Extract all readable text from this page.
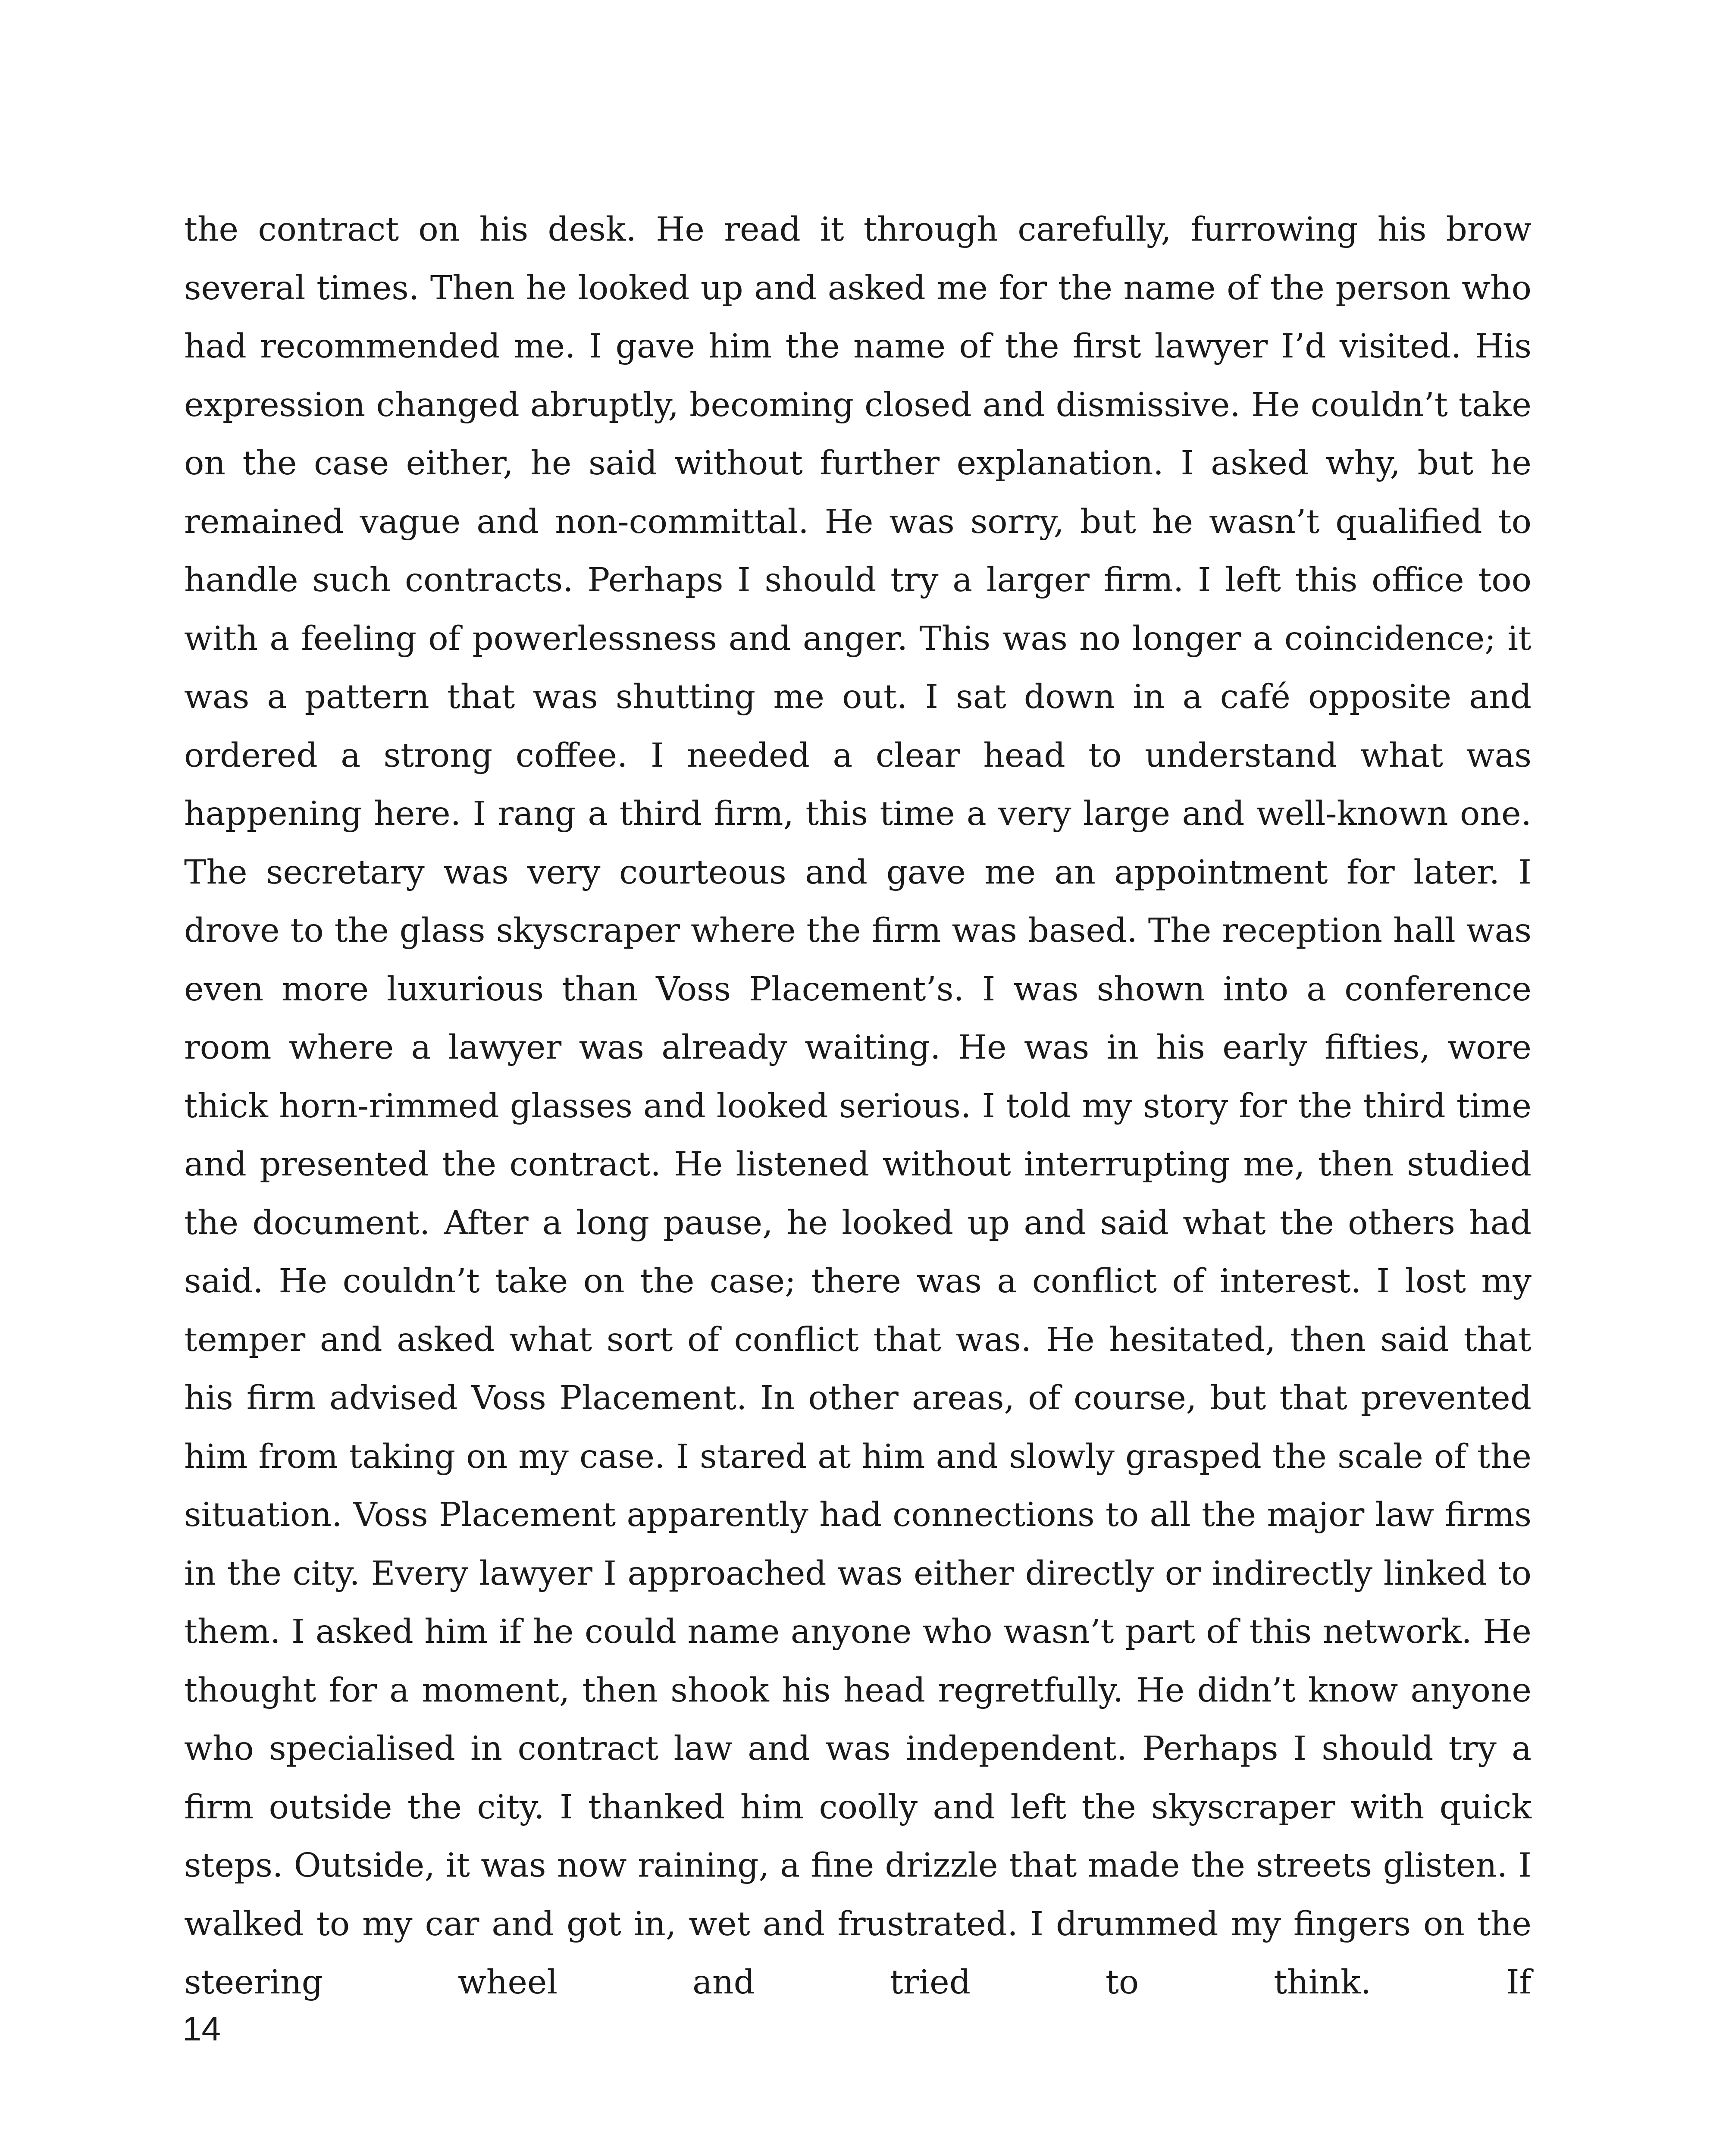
the contract on his desk. He read it through carefully, furrowing his brow several times. Then he looked up and asked me for the name of the person who had recommended me. I gave him the name of the first lawyer I’d visited. His expression changed abruptly, becoming closed and dismissive. He couldn’t take on the case either, he said without further explanation. I asked why, but he remained vague and non-committal. He was sorry, but he wasn’t qualified to handle such contracts. Perhaps I should try a larger firm. I left this office too with a feeling of powerlessness and anger. This was no longer a coincidence; it was a pattern that was shutting me out. I sat down in a café opposite and ordered a strong coffee. I needed a clear head to understand what was happening here. I rang a third firm, this time a very large and well-known one. The secretary was very courteous and gave me an appointment for later. I drove to the glass skyscraper where the firm was based. The reception hall was even more luxurious than Voss Placement’s. I was shown into a conference room where a lawyer was already waiting. He was in his early fifties, wore thick horn-rimmed glasses and looked serious. I told my story for the third time and presented the contract. He listened without interrupting me, then studied the document. After a long pause, he looked up and said what the others had said. He couldn’t take on the case; there was a conflict of interest. I lost my temper and asked what sort of conflict that was. He hesitated, then said that his firm advised Voss Placement. In other areas, of course, but that prevented him from taking on my case. I stared at him and slowly grasped the scale of the situation. Voss Placement apparently had connections to all the major law firms in the city. Every lawyer I approached was either directly or indirectly linked to them. I asked him if he could name anyone who wasn’t part of this network. He thought for a moment, then shook his head regretfully. He didn’t know anyone who specialised in contract law and was independent. Perhaps I should try a firm outside the city. I thanked him coolly and left the skyscraper with quick steps. Outside, it was now raining, a fine drizzle that made the streets glisten. I walked to my car and got in, wet and frustrated. I drummed my fingers on the steering wheel and tried to think. If

14
